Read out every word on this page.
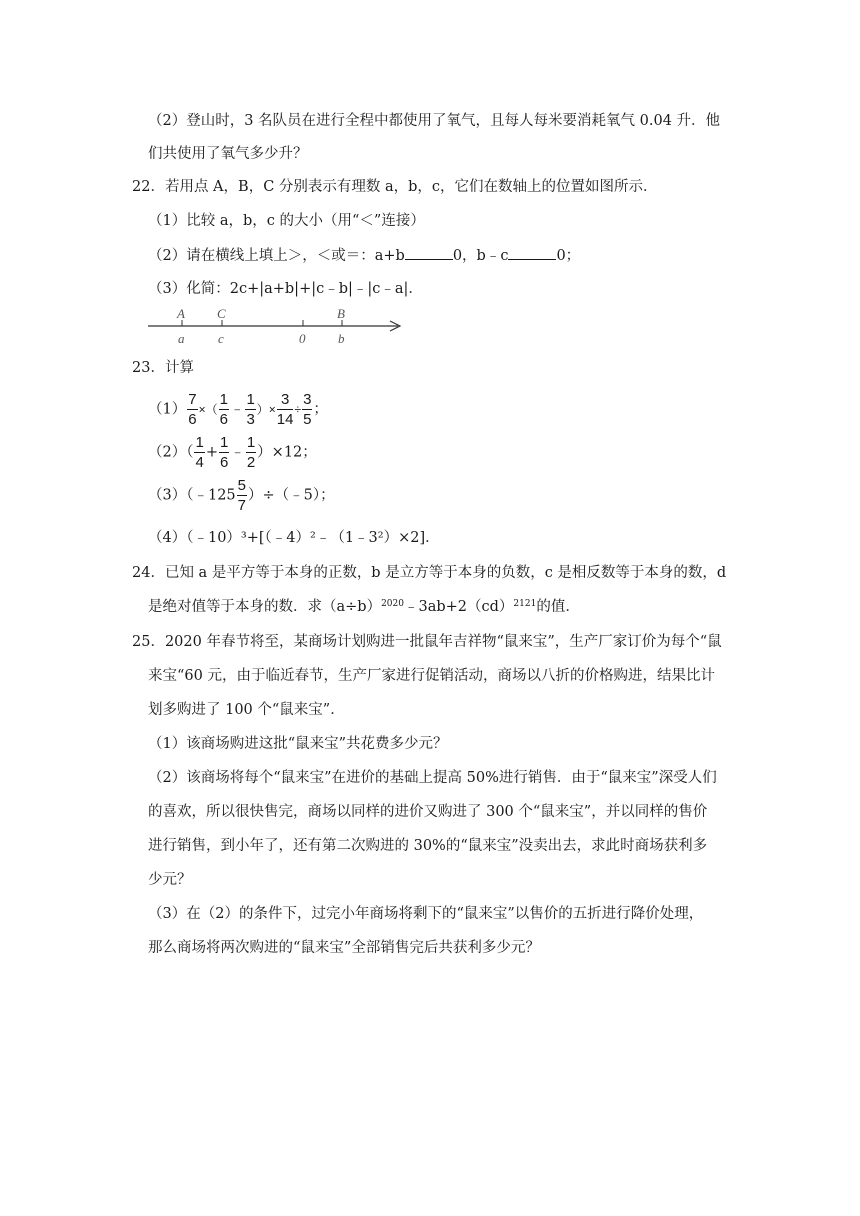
（2）登山时，3 名队员在进行全程中都使用了氧气，且每人每米要消耗氧气 0.04 升．他
们共使用了氧气多少升？
22．若用点 A，B，C 分别表示有理数 a，b，c，它们在数轴上的位置如图所示．
（1）比较 a，b，c 的大小（用“＜”连接）
（2）请在横线上填上＞，＜或＝：a+b	0，b﹣c	0；
（3）化简：2c+|a+b|+|c﹣b|﹣|c﹣a|．
A C	B
a	c	0	b
23．计算
$(1) \frac{7}{6}$ ×（ $\frac{1}{6}$ ﹣ $\frac{1}{3}$ ）× $\frac{3}{14} \div \frac{3}{5}$ ；
$(2)( \frac{1}{4} + \frac{1}{6}$ ﹣ $\frac{1}{2} )\times 12$；
（3）（﹣125 $\frac{5}{7}$ ）÷（﹣5）；
（4）（﹣10）³+[（﹣4）²﹣（1﹣3²）×2]．
24．已知 a 是平方等于本身的正数，b 是立方等于本身的负数，c 是相反数等于本身的数，d
是绝对值等于本身的数．求$(a\div b)^{2020}﹣3ab+2(cd)^{2121}$的值．
25．2020 年春节将至，某商场计划购进一批鼠年吉祥物“鼠来宝”，生产厂家订价为每个“鼠
来宝“60 元，由于临近春节，生产厂家进行促销活动，商场以八折的价格购进，结果比计
划多购进了 100 个“鼠来宝”．
（1）该商场购进这批“鼠来宝”共花费多少元？
（2）该商场将每个“鼠来宝”在进价的基础上提高 50%进行销售．由于“鼠来宝”深受人们
的喜欢，所以很快售完，商场以同样的进价又购进了 300 个“鼠来宝”，并以同样的售价
进行销售，到小年了，还有第二次购进的 30%的“鼠来宝”没卖出去，求此时商场获利多
少元？
（3）在（2）的条件下，过完小年商场将剩下的“鼠来宝”以售价的五折进行降价处理，
那么商场将两次购进的“鼠来宝”全部销售完后共获利多少元？
